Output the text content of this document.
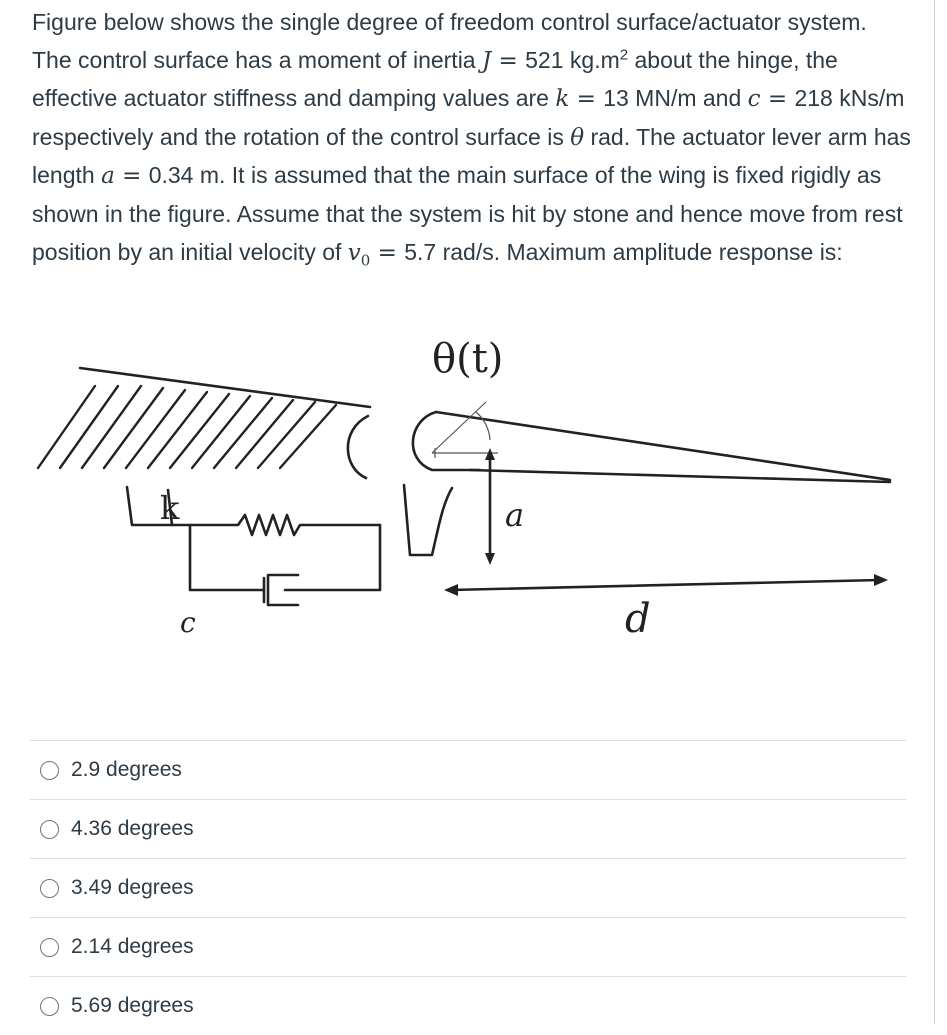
Figure below shows the single degree of freedom control surface/actuator system. The control surface has a moment of inertia J = 521 $kg.m^2$ about the hinge, the effective actuator stiffness and damping values are k = 13 MN/m and c = 218 kNs/m respectively and the rotation of the control surface is θ rad. The actuator lever arm has length a = 0.34 m. It is assumed that the main surface of the wing is fixed rigidly as shown in the figure. Assume that the system is hit by stone and hence move from rest position by an initial velocity of $v_0 = 5.7$ rad/s. Maximum amplitude response is:
θ(t)
k
c
a
d
2.9 degrees
4.36 degrees
3.49 degrees
2.14 degrees
5.69 degrees
